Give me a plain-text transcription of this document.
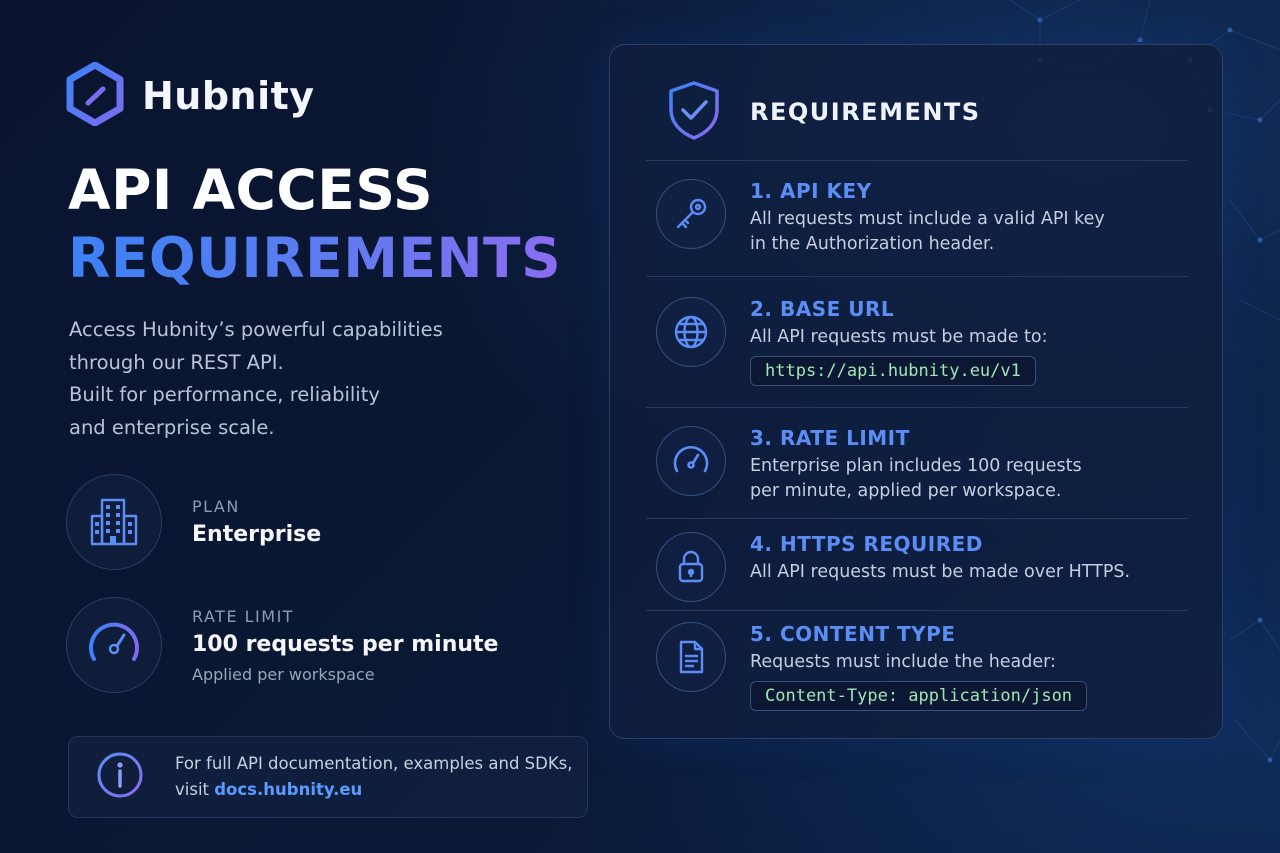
Hubnity
API ACCESS
REQUIREMENTS
Access Hubnity’s powerful capabilities
through our REST API.
Built for performance, reliability
and enterprise scale.
PLAN
Enterprise
RATE LIMIT
100 requests per minute
Applied per workspace
For full API documentation, examples and SDKs,
visit docs.hubnity.eu
REQUIREMENTS
1. API KEY
All requests must include a valid API key
in the Authorization header.
2. BASE URL
All API requests must be made to:
https://api.hubnity.eu/v1
3. RATE LIMIT
Enterprise plan includes 100 requests
per minute, applied per workspace.
4. HTTPS REQUIRED
All API requests must be made over HTTPS.
5. CONTENT TYPE
Requests must include the header:
Content-Type: application/json
